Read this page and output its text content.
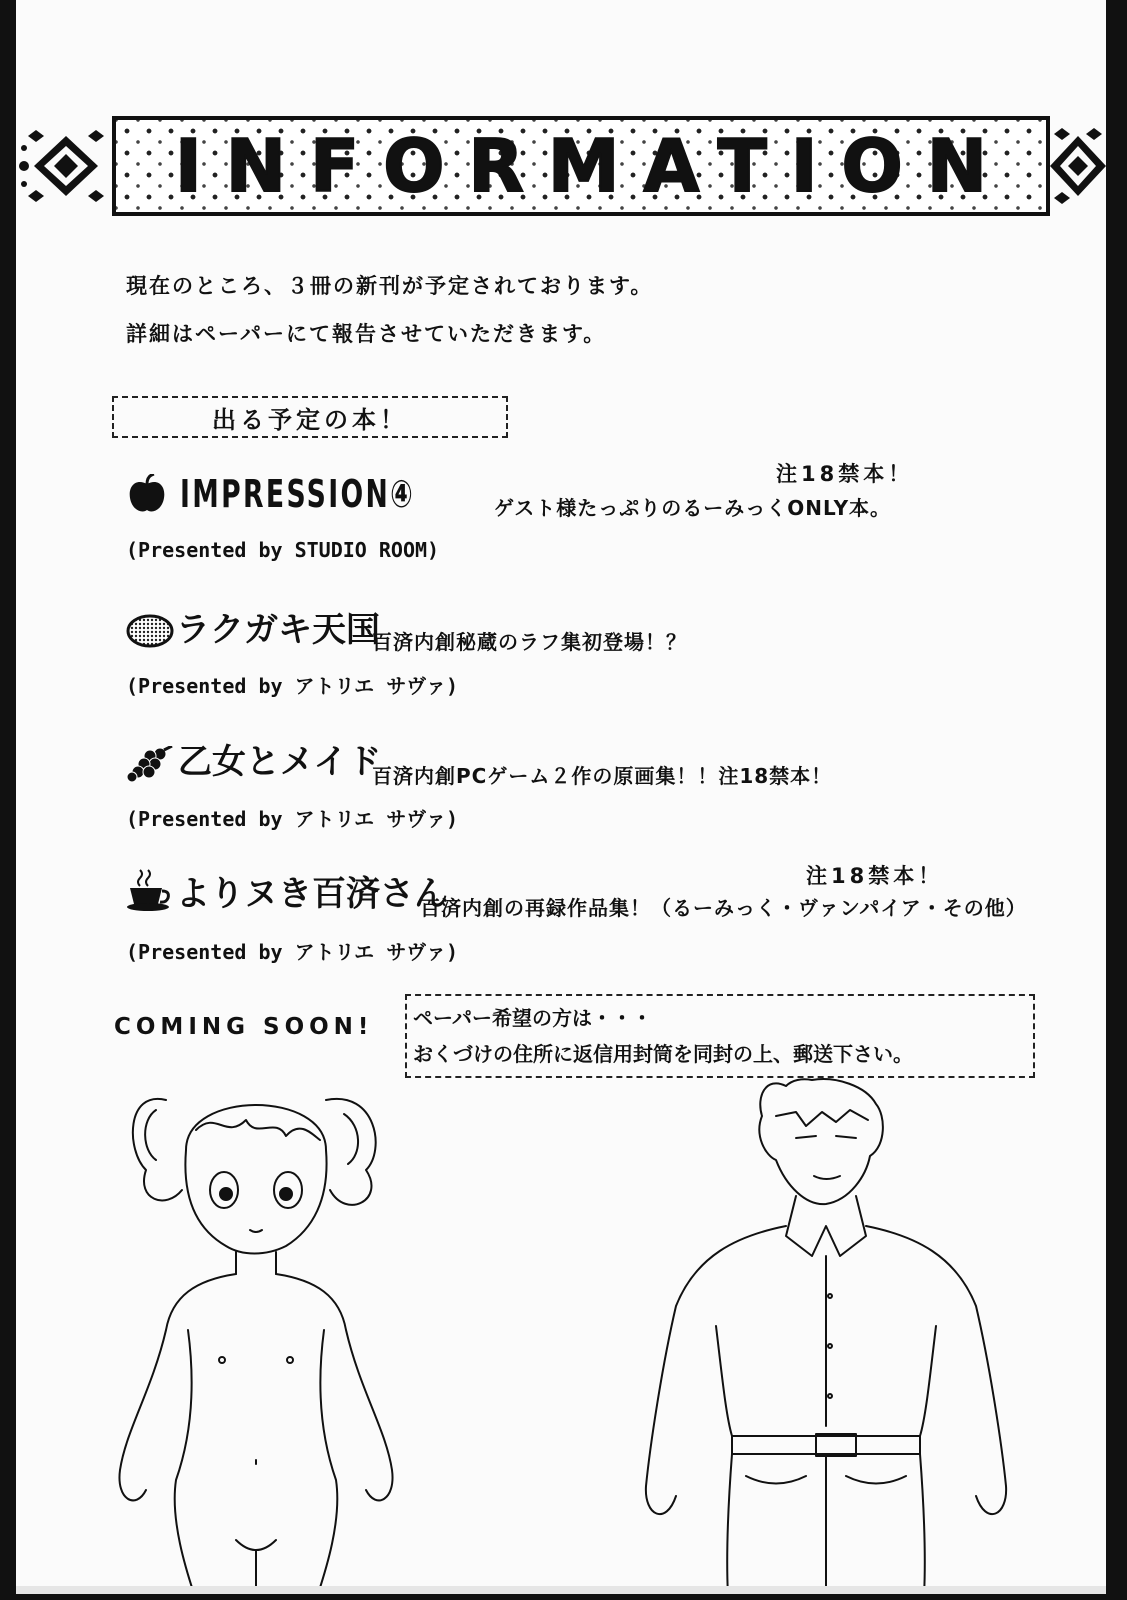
INFORMATION
現在のところ、３冊の新刊が予定されております。
詳細はペーパーにて報告させていただきます。
出る予定の本！
IMPRESSION④	注18禁本！
ゲスト様たっぷりのるーみっくONLY本。
(Presented by STUDIO ROOM)
ラクガキ天国
百済内創秘蔵のラフ集初登場！？
(Presented by アトリエ サヴァ)
乙女とメイド
百済内創PCゲーム２作の原画集！！注18禁本！
(Presented by アトリエ サヴァ)
よりヌき百済さん	注18禁本！
百済内創の再録作品集！（るーみっく・ヴァンパイア・その他）
(Presented by アトリエ サヴァ)
COMING SOON! ペーパー希望の方は・・・
おくづけの住所に返信用封筒を同封の上、郵送下さい。
